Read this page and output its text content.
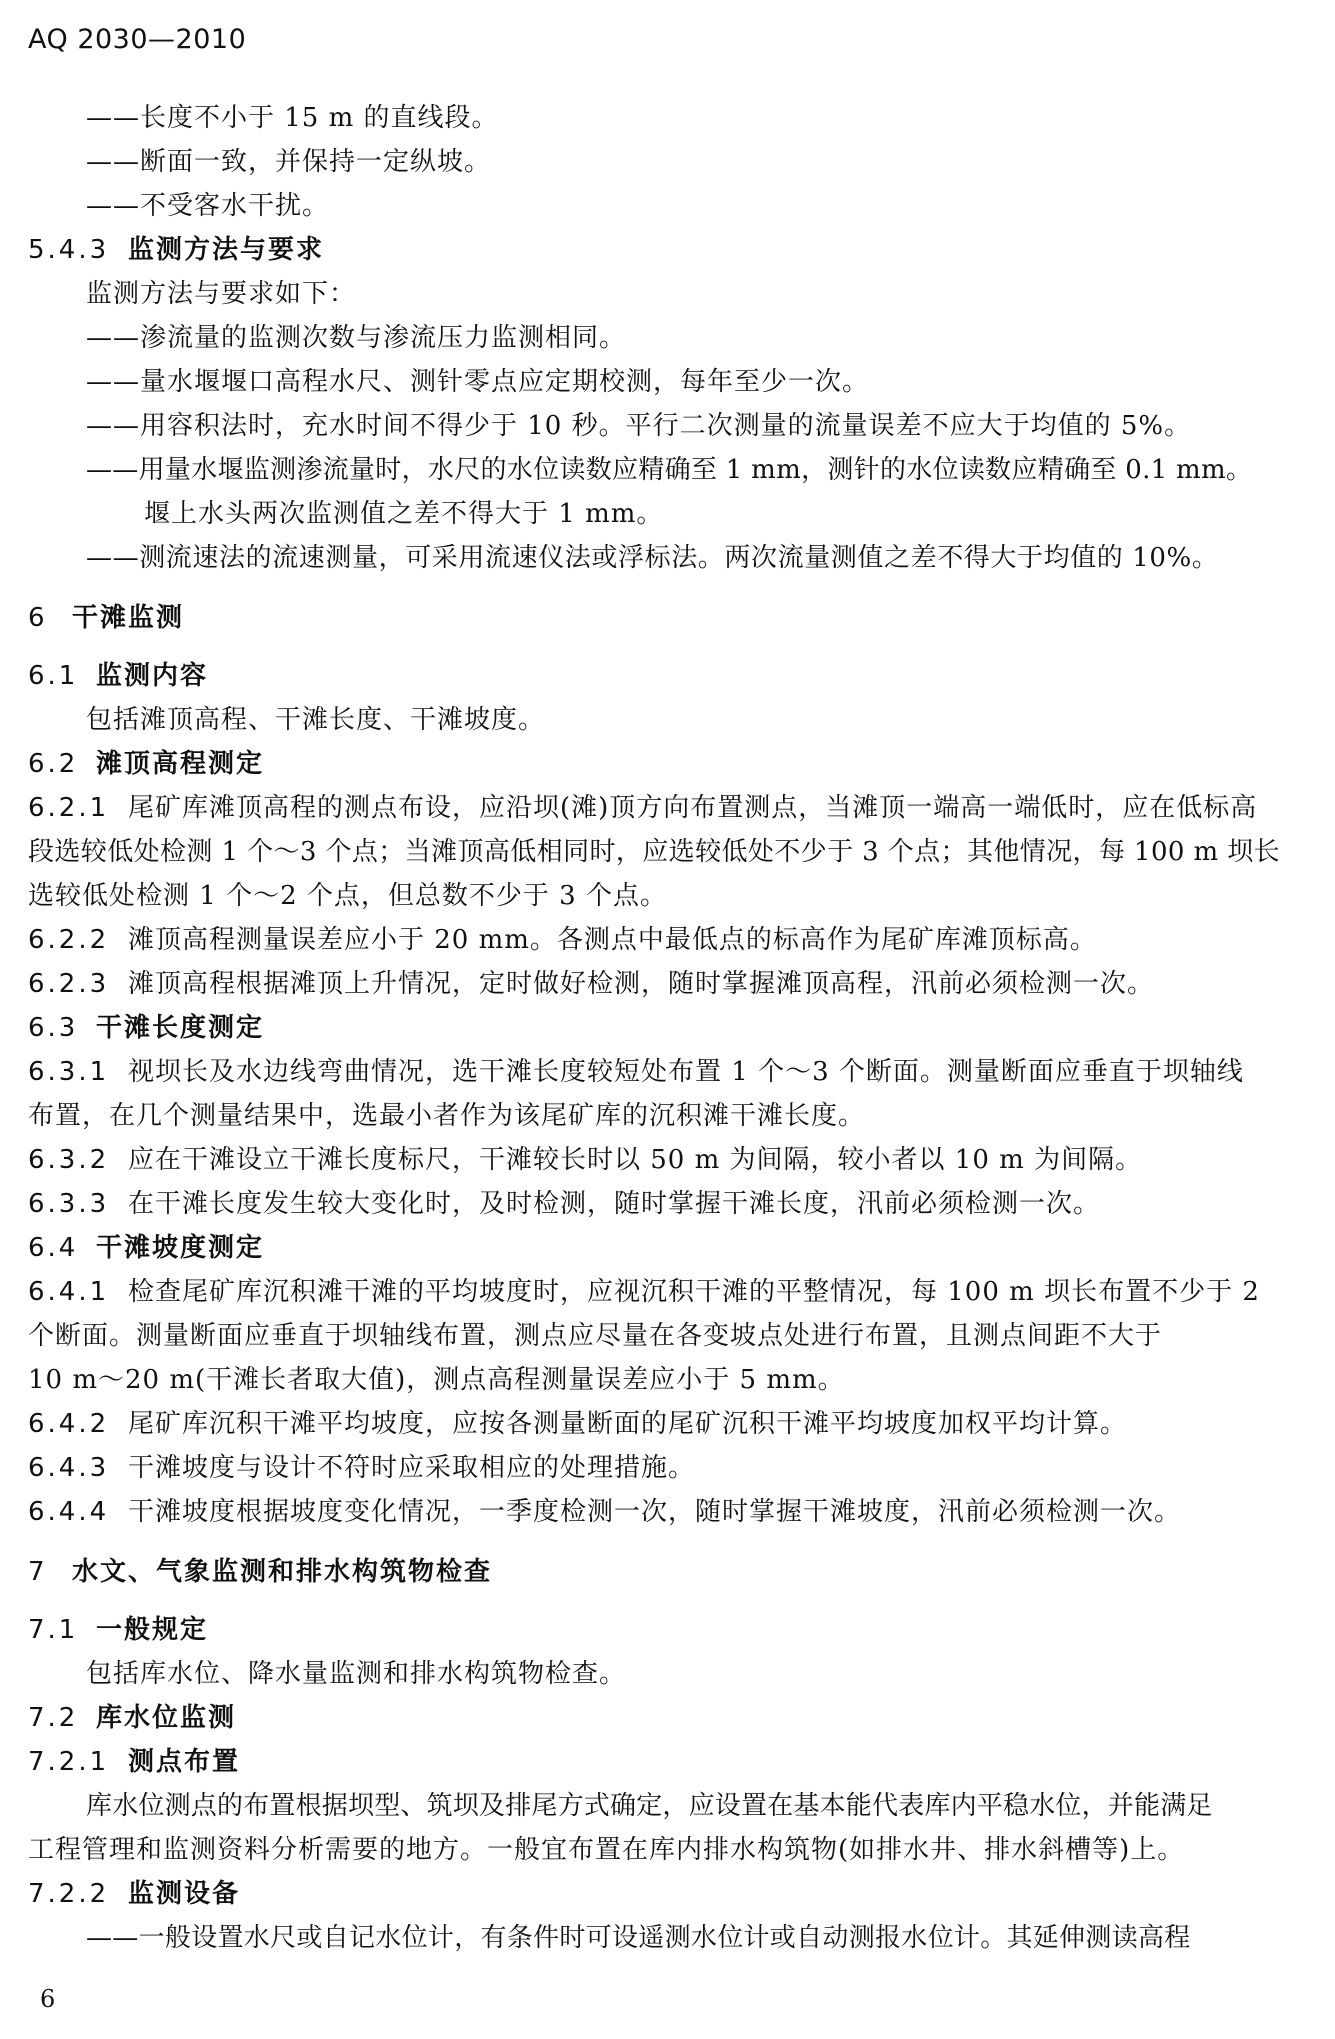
AQ 2030—2010
——长度不小于 15 m 的直线段。
——断面一致，并保持一定纵坡。
——不受客水干扰。
5.4.3 监测方法与要求
监测方法与要求如下：
——渗流量的监测次数与渗流压力监测相同。
——量水堰堰口高程水尺、测针零点应定期校测，每年至少一次。
——用容积法时，充水时间不得少于 10 秒。平行二次测量的流量误差不应大于均值的 5%。
——用量水堰监测渗流量时，水尺的水位读数应精确至 1 mm，测针的水位读数应精确至 0.1 mm。
堰上水头两次监测值之差不得大于 1 mm。
——测流速法的流速测量，可采用流速仪法或浮标法。两次流量测值之差不得大于均值的 10%。
6 干滩监测
6.1 监测内容
包括滩顶高程、干滩长度、干滩坡度。
6.2 滩顶高程测定
6.2.1 尾矿库滩顶高程的测点布设，应沿坝(滩)顶方向布置测点，当滩顶一端高一端低时，应在低标高
段选较低处检测 1 个～3 个点；当滩顶高低相同时，应选较低处不少于 3 个点；其他情况，每 100 m 坝长
选较低处检测 1 个～2 个点，但总数不少于 3 个点。
6.2.2 滩顶高程测量误差应小于 20 mm。各测点中最低点的标高作为尾矿库滩顶标高。
6.2.3 滩顶高程根据滩顶上升情况，定时做好检测，随时掌握滩顶高程，汛前必须检测一次。
6.3 干滩长度测定
6.3.1 视坝长及水边线弯曲情况，选干滩长度较短处布置 1 个～3 个断面。测量断面应垂直于坝轴线
布置，在几个测量结果中，选最小者作为该尾矿库的沉积滩干滩长度。
6.3.2 应在干滩设立干滩长度标尺，干滩较长时以 50 m 为间隔，较小者以 10 m 为间隔。
6.3.3 在干滩长度发生较大变化时，及时检测，随时掌握干滩长度，汛前必须检测一次。
6.4 干滩坡度测定
6.4.1 检查尾矿库沉积滩干滩的平均坡度时，应视沉积干滩的平整情况，每 100 m 坝长布置不少于 2
个断面。测量断面应垂直于坝轴线布置，测点应尽量在各变坡点处进行布置，且测点间距不大于
10 m～20 m(干滩长者取大值)，测点高程测量误差应小于 5 mm。
6.4.2 尾矿库沉积干滩平均坡度，应按各测量断面的尾矿沉积干滩平均坡度加权平均计算。
6.4.3 干滩坡度与设计不符时应采取相应的处理措施。
6.4.4 干滩坡度根据坡度变化情况，一季度检测一次，随时掌握干滩坡度，汛前必须检测一次。
7 水文、气象监测和排水构筑物检查
7.1 一般规定
包括库水位、降水量监测和排水构筑物检查。
7.2 库水位监测
7.2.1 测点布置
库水位测点的布置根据坝型、筑坝及排尾方式确定，应设置在基本能代表库内平稳水位，并能满足
工程管理和监测资料分析需要的地方。一般宜布置在库内排水构筑物(如排水井、排水斜槽等)上。
7.2.2 监测设备
——一般设置水尺或自记水位计，有条件时可设遥测水位计或自动测报水位计。其延伸测读高程
6
